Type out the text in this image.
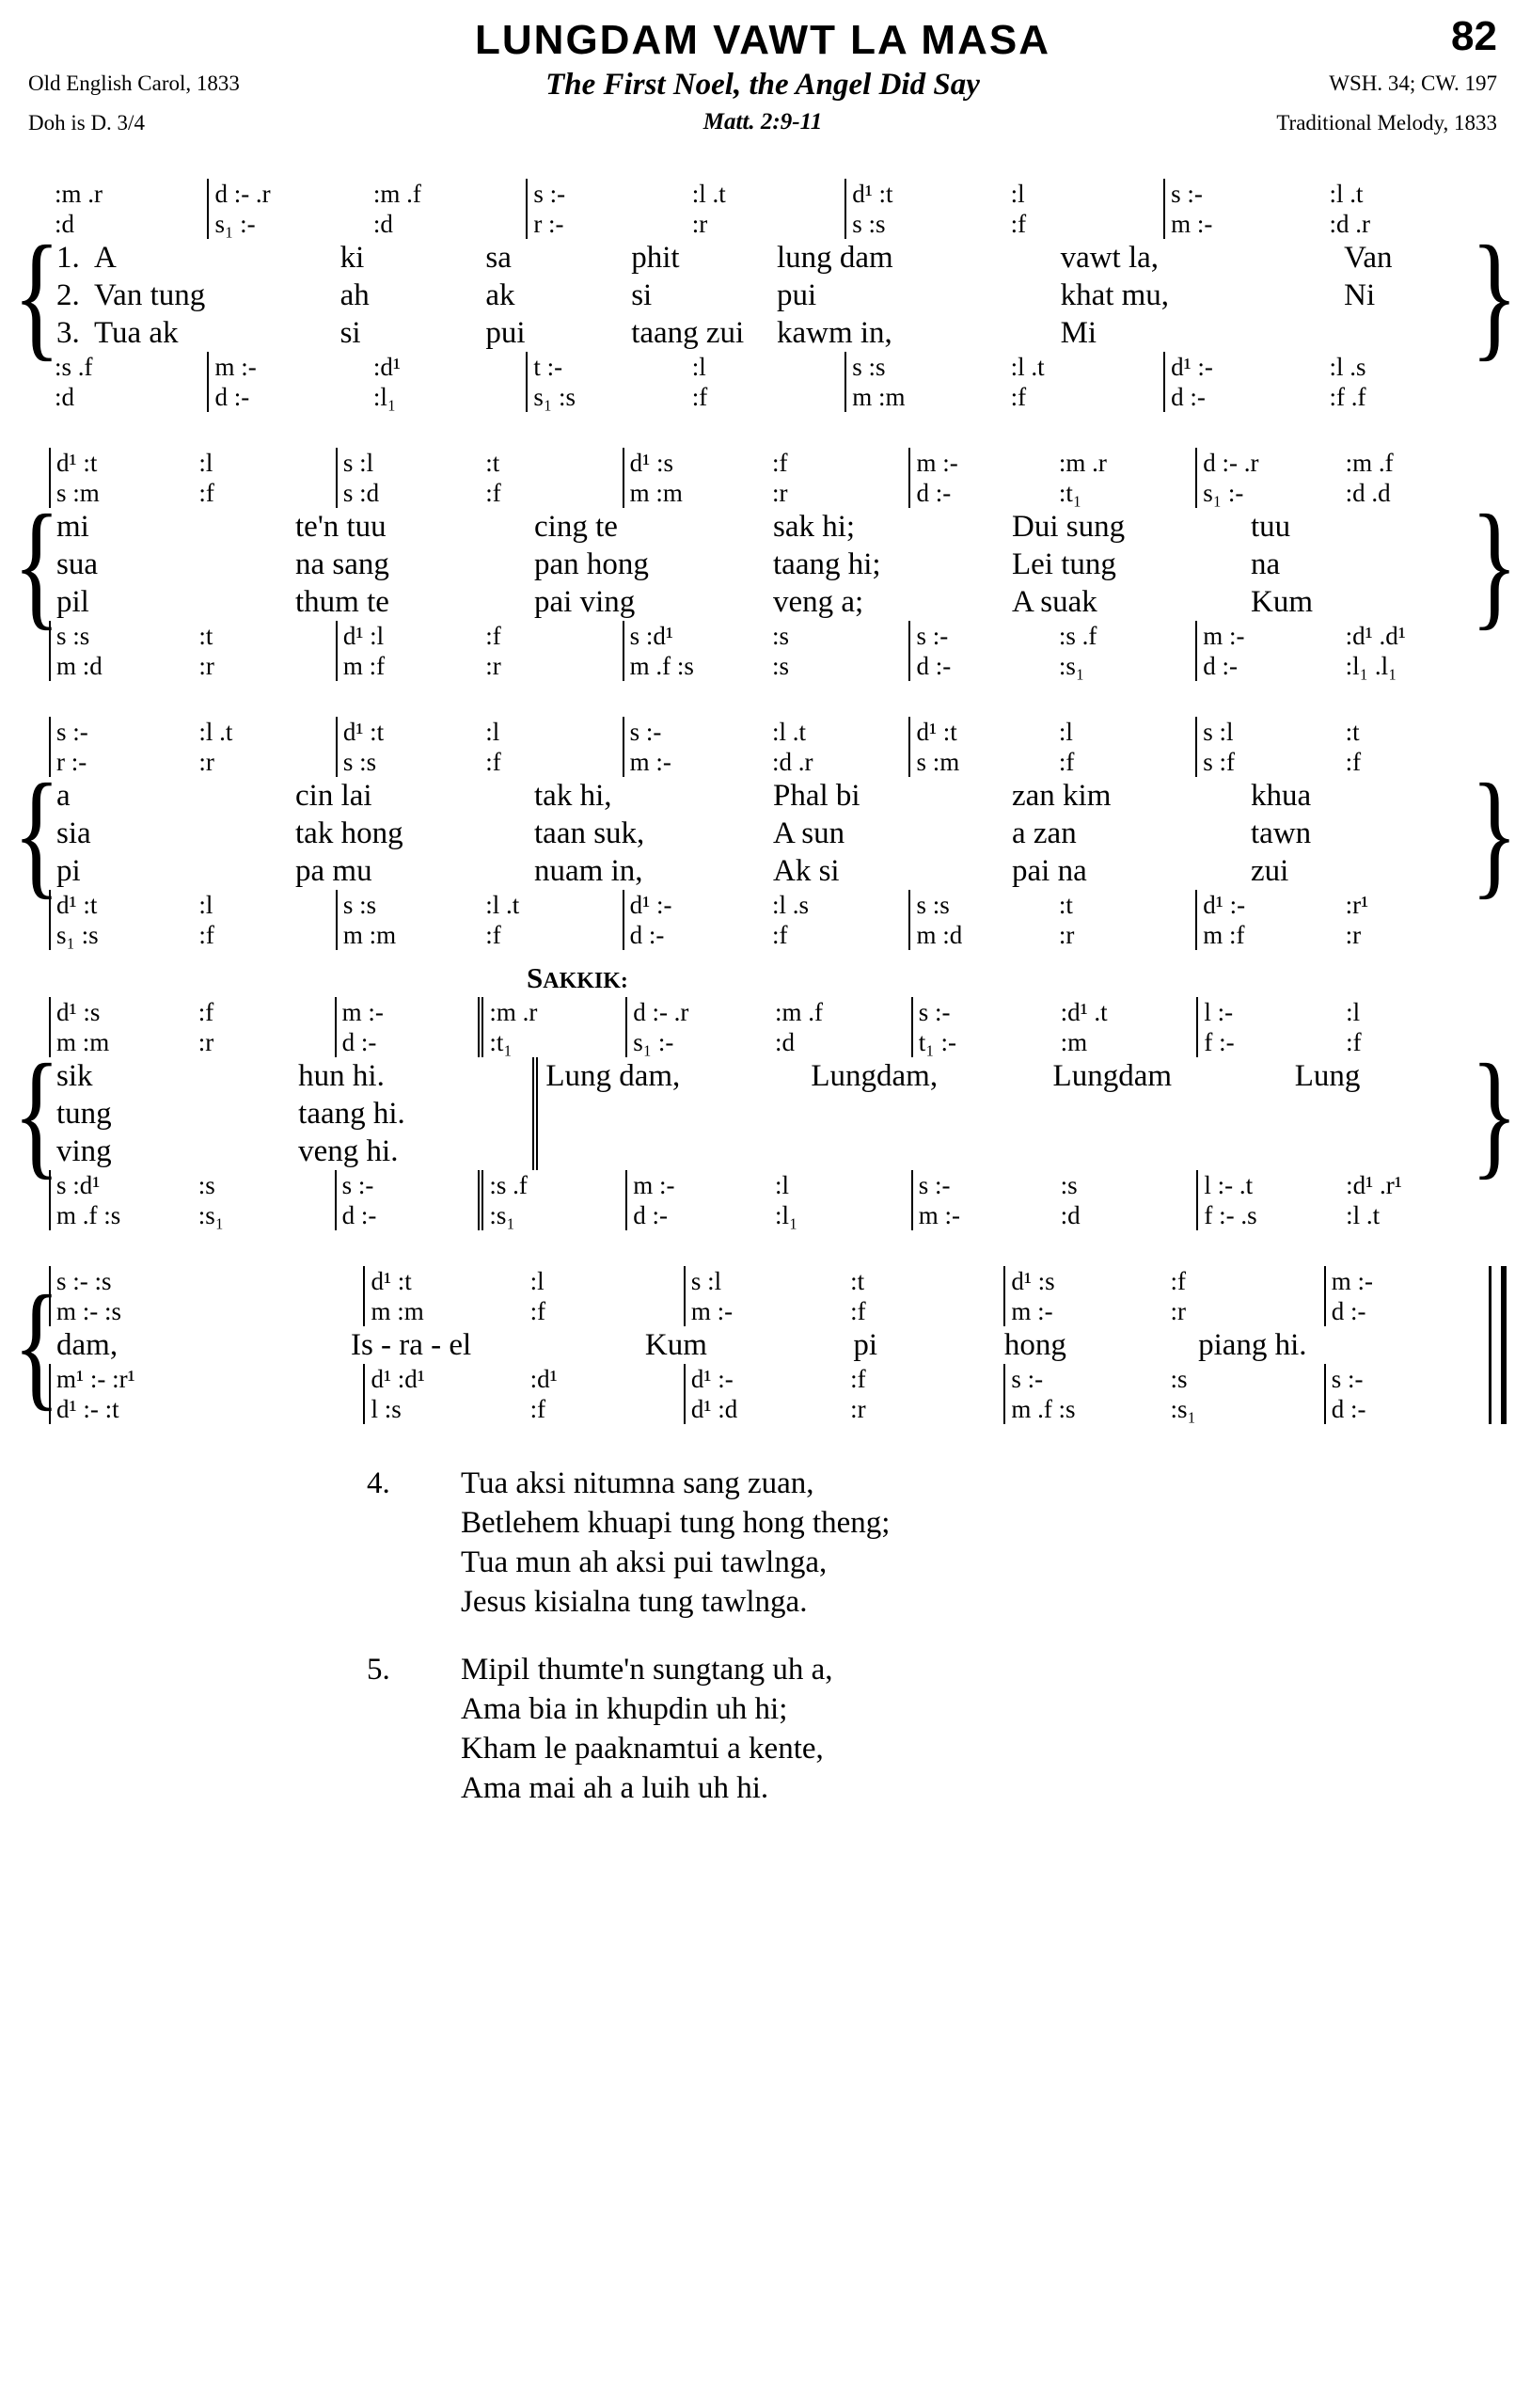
LUNGDAM VAWT LA MASA	82
Old English Carol, 1833	The First Noel, the Angel Did Say	WSH. 34; CW. 197
Doh is D. 3/4	Matt. 2:9-11	Traditional Melody, 1833
{
:m .r	d :- .r	:m .f	s :-	:l .t	d¹ :t	:l	s :-	:l .t
:d	s₁ :-	:d	r :-	:r	s :s	:f	m :-	:d .r
1. A	ki	sa	phit	lung dam	vawt la,	Van
2. Van tung	ah	ak	si	pui	khat mu,	Ni
3. Tua ak	si	pui	taang zui	kawm in,	Mi
:s .f	m :-	:d¹	t :-	:l	s :s	:l .t	d¹ :-	:l .s
:d	d :-	:l₁	s₁ :s	:f	m :m	:f	d :-	:f .f
{
{
d¹ :t	:l	s :l	:t	d¹ :s	:f	m :-	:m .r	d :- .r	:m .f
s :m	:f	s :d	:f	m :m	:r	d :-	:t₁	s₁ :-	:d .d
mi	te'n tuu	cing te	sak hi;	Dui sung	tuu
sua	na sang	pan hong	taang hi;	Lei tung	na
pil	thum te	pai ving	veng a;	A suak	Kum
s :s	:t	d¹ :l	:f	s :d¹	:s	s :-	:s .f	m :-	:d¹ .d¹
m :d	:r	m :f	:r	m .f :s	:s	d :-	:s₁	d :-	:l₁ .l₁
{
{
s :-	:l .t	d¹ :t	:l	s :-	:l .t	d¹ :t	:l	s :l	:t
r :-	:r	s :s	:f	m :-	:d .r	s :m	:f	s :f	:f
a	cin lai	tak hi,	Phal bi	zan kim	khua
sia	tak hong	taan suk,	A sun	a zan	tawn
pi	pa mu	nuam in,	Ak si	pai na	zui
d¹ :t	:l	s :s	:l .t	d¹ :-	:l .s	s :s	:t	d¹ :-	:r¹
s₁ :s	:f	m :m	:f	d :-	:f	m :d	:r	m :f	:r
{
SAKKIK:
{
d¹ :s	:f	m :-	:m .r	d :- .r	:m .f	s :-	:d¹ .t	l :-	:l
m :m	:r	d :-	:t₁	s₁ :-	:d	t₁ :-	:m	f :-	:f
sik	hun hi.	Lung dam,	Lungdam,	Lungdam	Lung
tung	taang hi.
ving	veng hi.
s :d¹	:s	s :-	:s .f	m :-	:l	s :-	:s	l :- .t	:d¹ .r¹
m .f :s	:s₁	d :-	:s₁	d :-	:l₁	m :-	:d	f :- .s	:l .t
{
{
s :- :s	d¹ :t	:l	s :l	:t	d¹ :s	:f	m :-
m :- :s	m :m	:f	m :-	:f	m :-	:r	d :-
dam,	Is - ra - el	Kum	pi	hong	piang hi.
m¹ :- :r¹	d¹ :d¹	:d¹	d¹ :-	:f	s :-	:s	s :-
d¹ :- :t	l :s	:f	d¹ :d	:r	m .f :s	:s₁	d :-
4.	Tua aksi nitumna sang zuan,
Betlehem khuapi tung hong theng;
Tua mun ah aksi pui tawlnga,
Jesus kisialna tung tawlnga.
5.	Mipil thumte'n sungtang uh a,
Ama bia in khupdin uh hi;
Kham le paaknamtui a kente,
Ama mai ah a luih uh hi.
